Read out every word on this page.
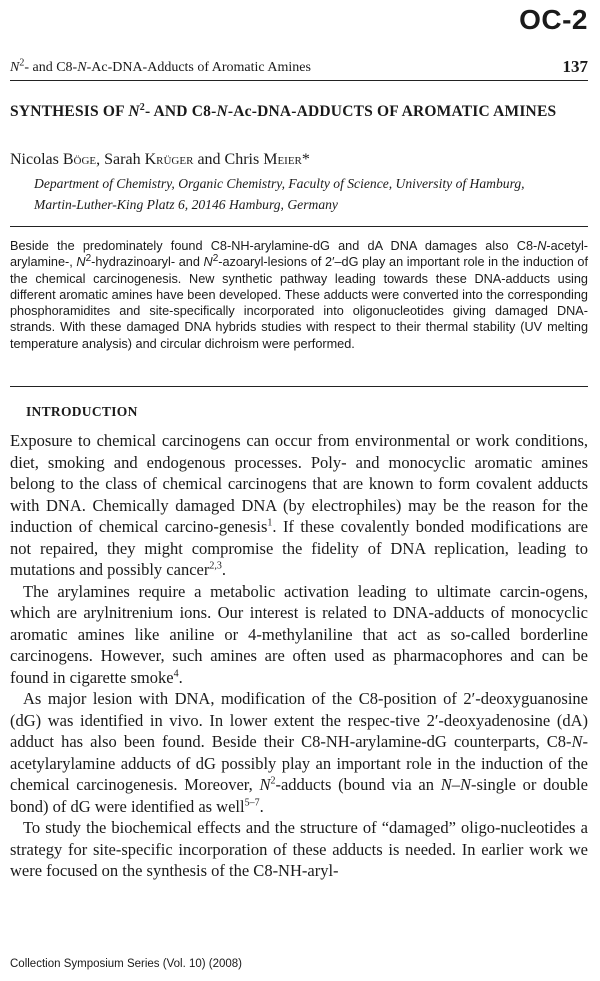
OC-2
$N^2-$ and C8-N-Ac-DNA-Adducts of Aromatic Amines	137
SYNTHESIS OF $N^2-$ AND C8-N-Ac-DNA-ADDUCTS OF AROMATIC AMINES
Nicolas Böge, Sarah Krüger and Chris Meier*
Department of Chemistry, Organic Chemistry, Faculty of Science, University of Hamburg,
Martin-Luther-King Platz 6, 20146 Hamburg, Germany
Beside the predominately found C8-NH-arylamine-dG and dA DNA damages also C8-N-acetyl-arylamine-, $N^2-hydrazinoaryl-$ and $N^2-azoaryl$-lesions of 2′–dG play an important role in the induction of the chemical carcinogenesis. New synthetic pathway leading towards these DNA-adducts using different aromatic amines have been developed. These adducts were converted into the corresponding phosphoramidites and site-specifically incorporated into oligonucleotides giving damaged DNA-strands. With these damaged DNA hybrids studies with respect to their thermal stability (UV melting temperature analysis) and circular dichroism were performed.
INTRODUCTION

Exposure to chemical carcinogens can occur from environmental or work conditions, diet, smoking and endogenous processes. Poly- and monocyclic aromatic amines belong to the class of chemical carcinogens that are known to form covalent adducts with DNA. Chemically damaged DNA (by electrophiles) may be the reason for the induction of chemical carcino-genesis$^1$. If these covalently bonded modifications are not repaired, they might compromise the fidelity of DNA replication, leading to mutations and possibly cancer$^{2,3}$.

The arylamines require a metabolic activation leading to ultimate carcin-ogens, which are arylnitrenium ions. Our interest is related to DNA-adducts of monocyclic aromatic amines like aniline or 4-methylaniline that act as so-called borderline carcinogens. However, such amines are often used as pharmacophores and can be found in cigarette smoke$^4$.

As major lesion with DNA, modification of the C8-position of 2′-deoxyguanosine (dG) was identified in vivo. In lower extent the respec-tive 2′-deoxyadenosine (dA) adduct has also been found. Beside their C8-NH-arylamine-dG counterparts, C8-N-acetylarylamine adducts of dG possibly play an important role in the induction of the chemical carcinogenesis. Moreover, $N^2$-adducts (bound via an N–N-single or double bond) of dG were identified as well$^{5-7}$.

To study the biochemical effects and the structure of “damaged” oligo-nucleotides a strategy for site-specific incorporation of these adducts is needed. In earlier work we were focused on the synthesis of the C8-NH-aryl-

Collection Symposium Series (Vol. 10) (2008)
